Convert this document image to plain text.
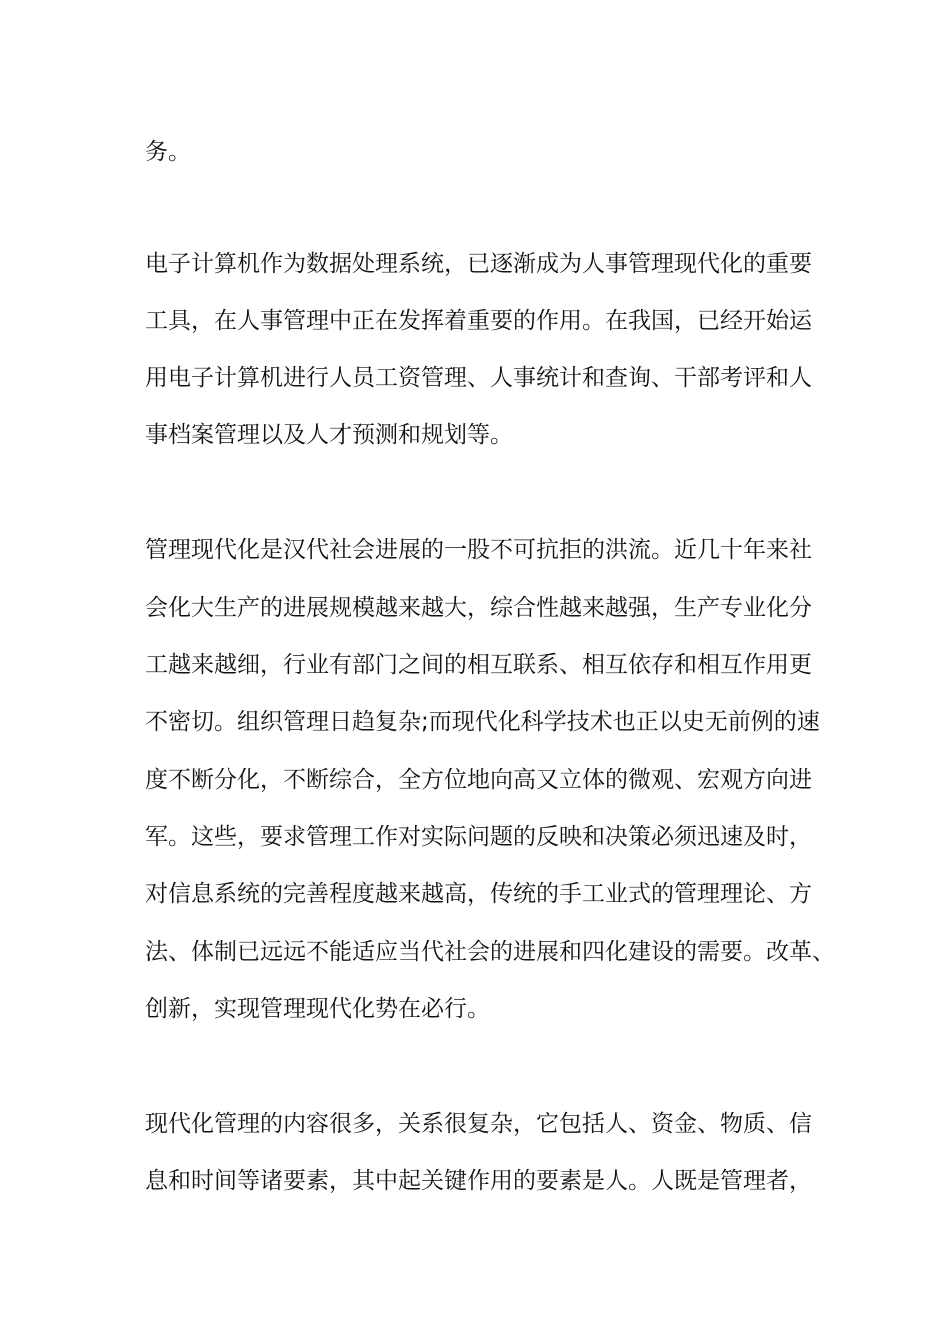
务。
电子计算机作为数据处理系统，已逐渐成为人事管理现代化的重要
工具，在人事管理中正在发挥着重要的作用。在我国，已经开始运
用电子计算机进行人员工资管理、人事统计和查询、干部考评和人
事档案管理以及人才预测和规划等。
管理现代化是汉代社会进展的一股不可抗拒的洪流。近几十年来社
会化大生产的进展规模越来越大，综合性越来越强，生产专业化分
工越来越细，行业有部门之间的相互联系、相互依存和相互作用更
不密切。组织管理日趋复杂;而现代化科学技术也正以史无前例的速
度不断分化，不断综合，全方位地向高又立体的微观、宏观方向进
军。这些，要求管理工作对实际问题的反映和决策必须迅速及时，
对信息系统的完善程度越来越高，传统的手工业式的管理理论、方
法、体制已远远不能适应当代社会的进展和四化建设的需要。改革、
创新，实现管理现代化势在必行。
现代化管理的内容很多，关系很复杂，它包括人、资金、物质、信
息和时间等诸要素，其中起关键作用的要素是人。人既是管理者，
